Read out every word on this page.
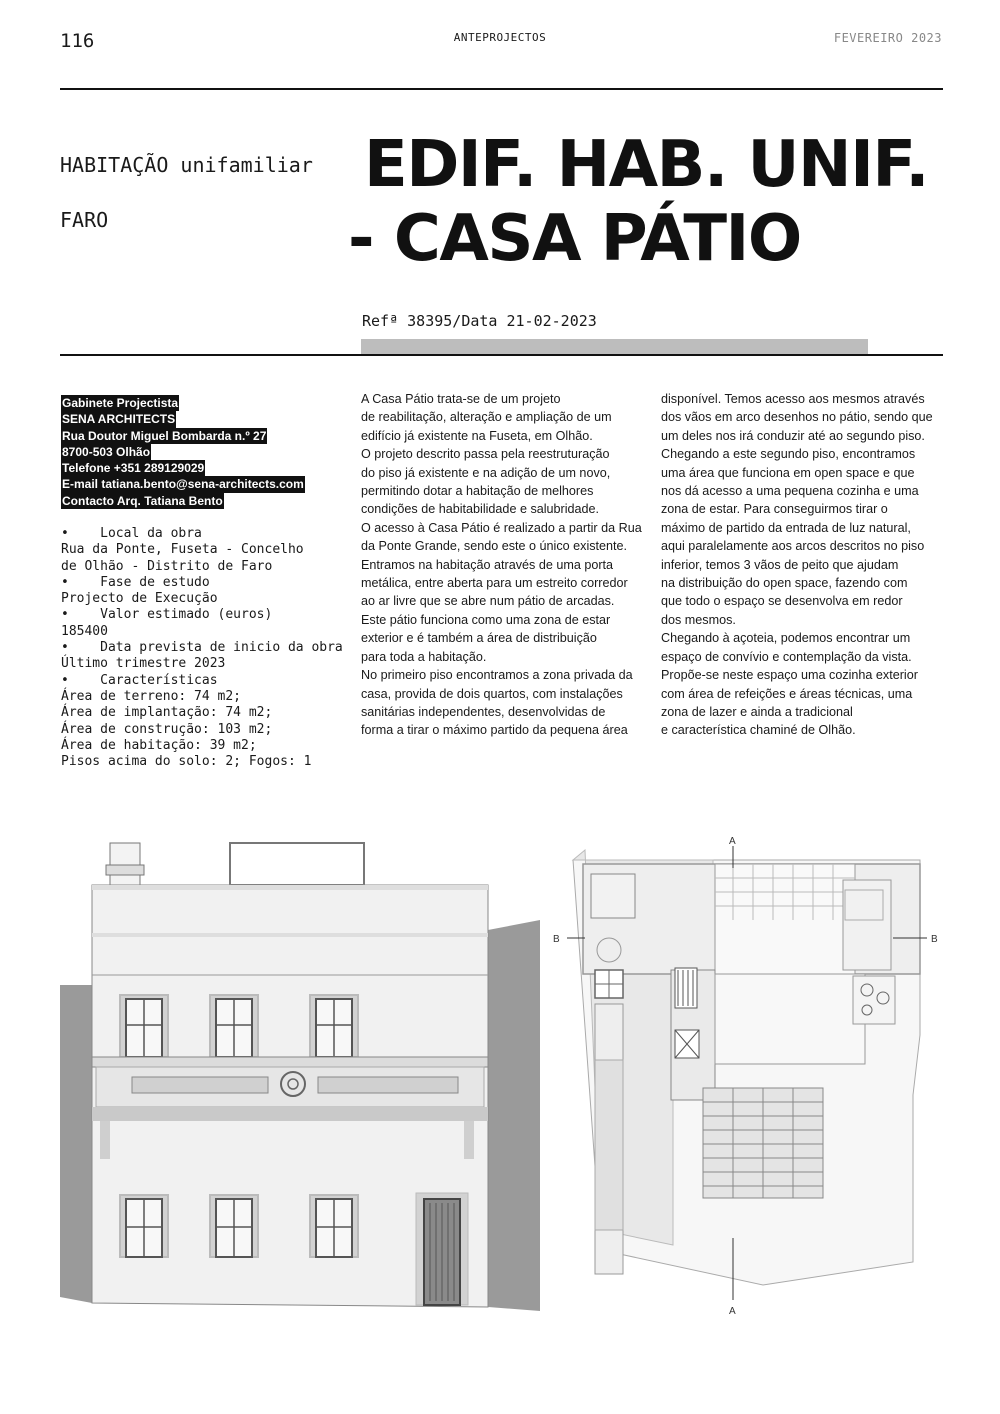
116	ANTEPROJECTOS	FEVEREIRO 2023
HABITAÇÃO unifamiliar
FARO
EDIF. HAB. UNIF.
- CASA PÁTIO
Refª 38395/Data 21-02-2023
Gabinete Projectista
SENA ARCHITECTS
Rua Doutor Miguel Bombarda n.º 27
8700-503 Olhão
Telefone +351 289129029
E-mail tatiana.bento@sena-architects.com
Contacto Arq. Tatiana Bento
•    Local da obra
Rua da Ponte, Fuseta - Concelho
de Olhão - Distrito de Faro
•    Fase de estudo
Projecto de Execução
•    Valor estimado (euros)
185400
•    Data prevista de inicio da obra
Último trimestre 2023
•    Características
Área de terreno: 74 m2;
Área de implantação: 74 m2;
Área de construção: 103 m2;
Área de habitação: 39 m2;
Pisos acima do solo: 2; Fogos: 1

A Casa Pátio trata-se de um projeto

de reabilitação, alteração e ampliação de um

edifício já existente na Fuseta, em Olhão.

O projeto descrito passa pela reestruturação

do piso já existente e na adição de um novo,

permitindo dotar a habitação de melhores

condições de habitabilidade e salubridade.

O acesso à Casa Pátio é realizado a partir da Rua

da Ponte Grande, sendo este o único existente.

Entramos na habitação através de uma porta

metálica, entre aberta para um estreito corredor

ao ar livre que se abre num pátio de arcadas.

Este pátio funciona como uma zona de estar

exterior e é também a área de distribuição

para toda a habitação.

No primeiro piso encontramos a zona privada da

casa, provida de dois quartos, com instalações

sanitárias independentes, desenvolvidas de

forma a tirar o máximo partido da pequena área

disponível. Temos acesso aos mesmos através

dos vãos em arco desenhos no pátio, sendo que

um deles nos irá conduzir até ao segundo piso.

Chegando a este segundo piso, encontramos

uma área que funciona em open space e que

nos dá acesso a uma pequena cozinha e uma

zona de estar. Para conseguirmos tirar o

máximo de partido da entrada de luz natural,

aqui paralelamente aos arcos descritos no piso

inferior, temos 3 vãos de peito que ajudam

na distribuição do open space, fazendo com

que todo o espaço se desenvolva em redor

dos mesmos.

Chegando à açoteia, podemos encontrar um

espaço de convívio e contemplação da vista.

Propõe-se neste espaço uma cozinha exterior

com área de refeições e áreas técnicas, uma

zona de lazer e ainda a tradicional

e característica chaminé de Olhão.

A
A
B	B
